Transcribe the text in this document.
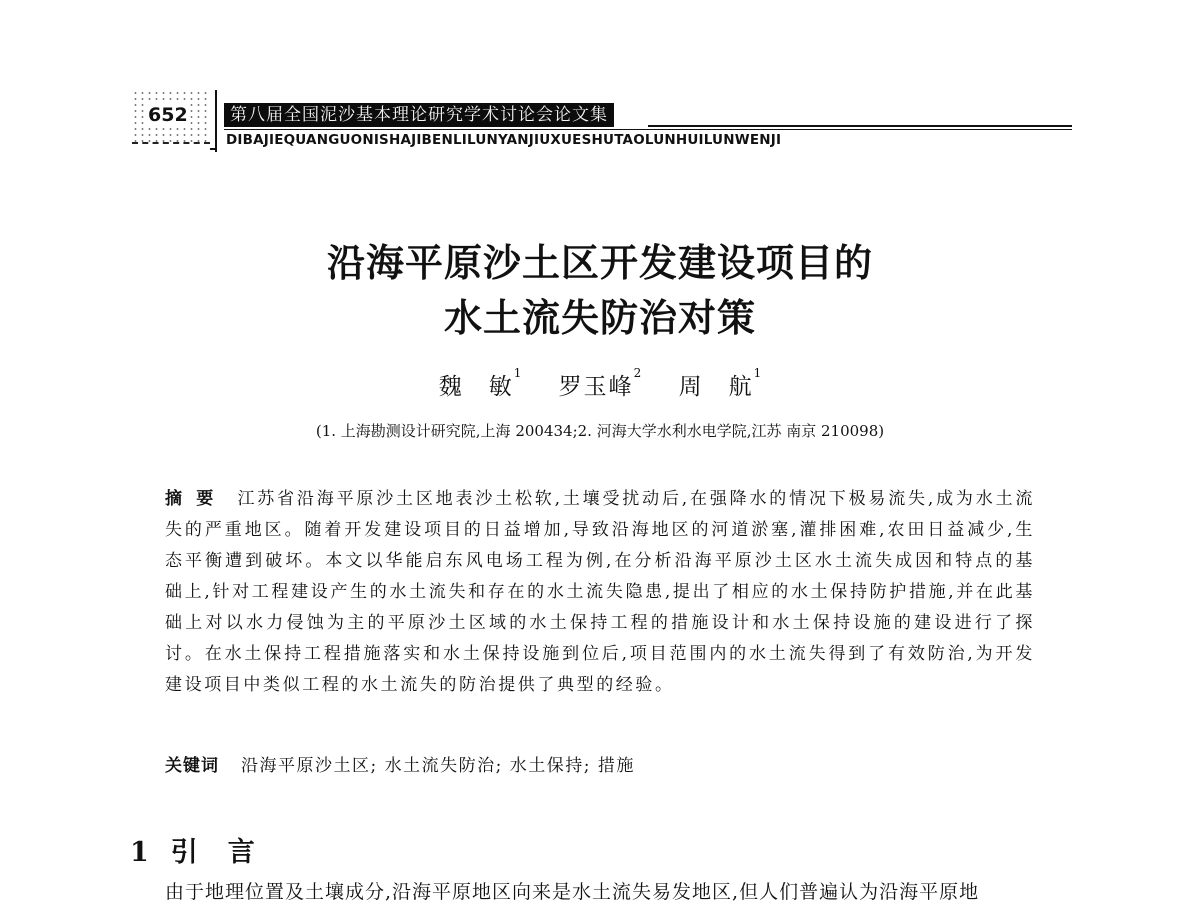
652	第八届全国泥沙基本理论研究学术讨论会论文集
DIBAJIEQUANGUONISHAJIBENLILUNYANJIUXUESHUTAOLUNHUILUNWENJI
沿海平原沙土区开发建设项目的
水土流失防治对策
魏　敏$^1$ 罗玉峰$^2$ 周　航$^1$
(1. 上海勘测设计研究院,上海 200434;2. 河海大学水利水电学院,江苏 南京 210098)
摘要 江苏省沿海平原沙土区地表沙土松软,土壤受扰动后,在强降水的情况下极易流失,成为水土流失的严重地区。随着开发建设项目的日益增加,导致沿海地区的河道淤塞,灌排困难,农田日益减少,生态平衡遭到破坏。本文以华能启东风电场工程为例,在分析沿海平原沙土区水土流失成因和特点的基础上,针对工程建设产生的水土流失和存在的水土流失隐患,提出了相应的水土保持防护措施,并在此基础上对以水力侵蚀为主的平原沙土区域的水土保持工程的措施设计和水土保持设施的建设进行了探讨。在水土保持工程措施落实和水土保持设施到位后,项目范围内的水土流失得到了有效防治,为开发建设项目中类似工程的水土流失的防治提供了典型的经验。
关键词 沿海平原沙土区; 水土流失防治; 水土保持; 措施
1 引言
由于地理位置及土壤成分,沿海平原地区向来是水土流失易发地区,但人们普遍认为沿海平原地
